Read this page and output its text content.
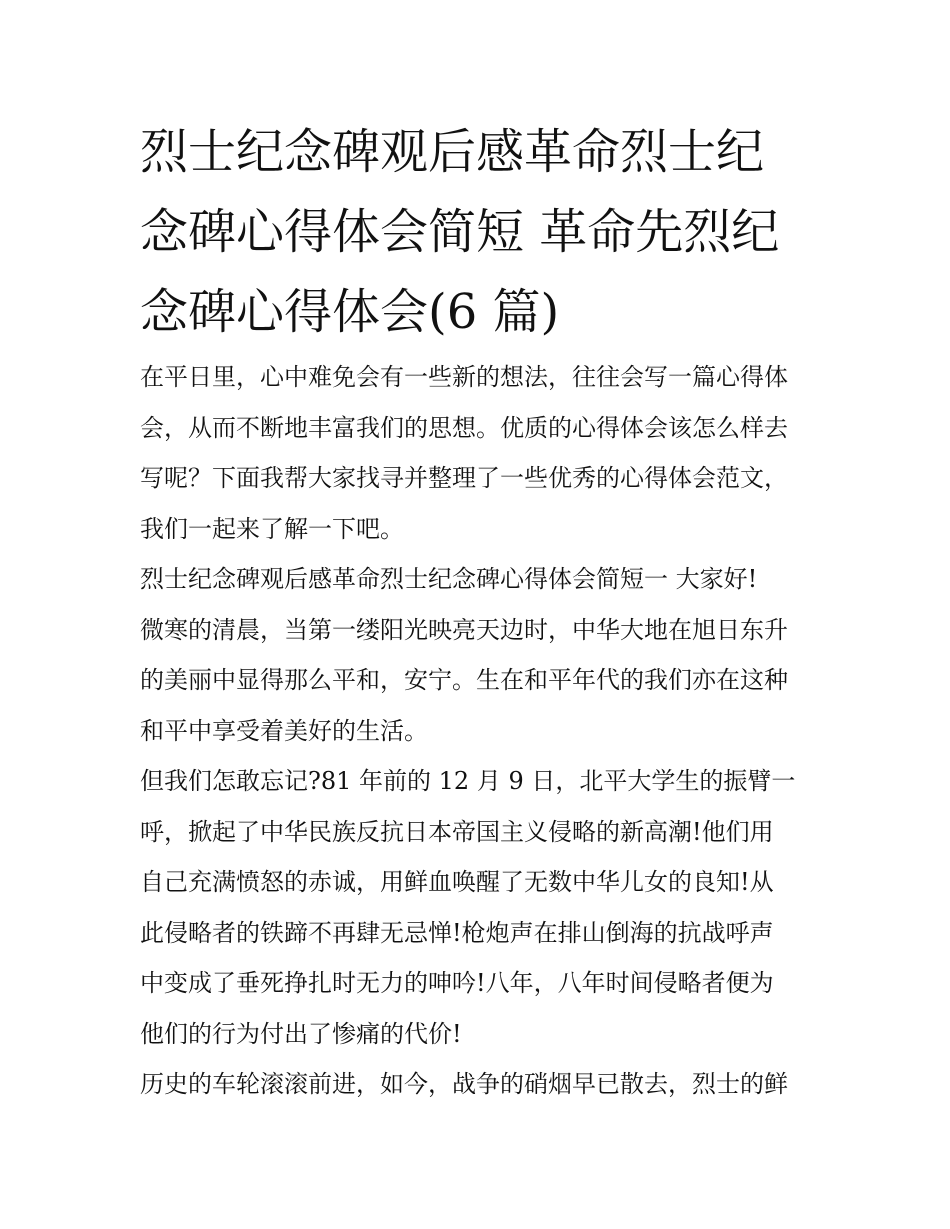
烈士纪念碑观后感革命烈士纪
念碑心得体会简短 革命先烈纪
念碑心得体会(6 篇)
在平日里，心中难免会有一些新的想法，往往会写一篇心得体
会，从而不断地丰富我们的思想。优质的心得体会该怎么样去
写呢？下面我帮大家找寻并整理了一些优秀的心得体会范文，
我们一起来了解一下吧。
烈士纪念碑观后感革命烈士纪念碑心得体会简短一 大家好!
微寒的清晨，当第一缕阳光映亮天边时，中华大地在旭日东升
的美丽中显得那么平和，安宁。生在和平年代的我们亦在这种
和平中享受着美好的生活。
但我们怎敢忘记?81 年前的 12 月 9 日，北平大学生的振臂一
呼，掀起了中华民族反抗日本帝国主义侵略的新高潮!他们用
自己充满愤怒的赤诚，用鲜血唤醒了无数中华儿女的良知!从
此侵略者的铁蹄不再肆无忌惮!枪炮声在排山倒海的抗战呼声
中变成了垂死挣扎时无力的呻吟!八年，八年时间侵略者便为
他们的行为付出了惨痛的代价!
历史的车轮滚滚前进，如今，战争的硝烟早已散去，烈士的鲜
